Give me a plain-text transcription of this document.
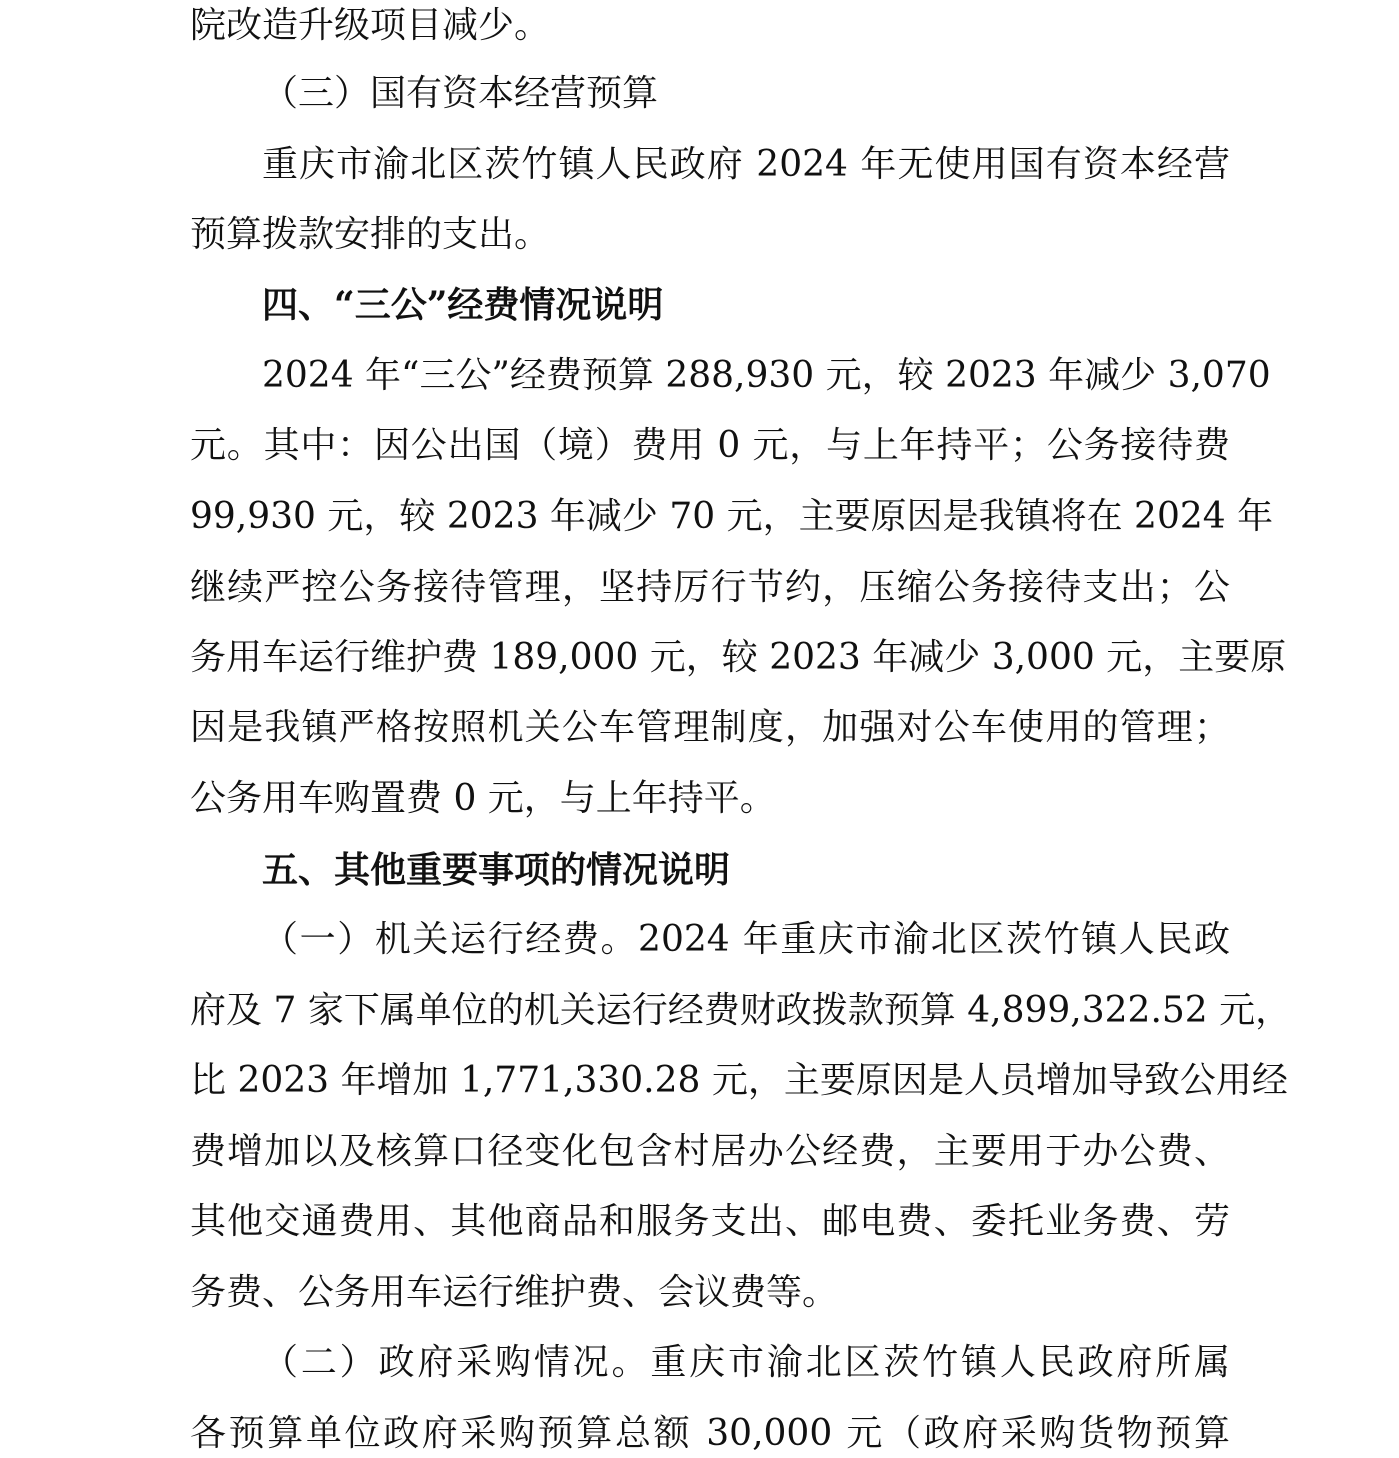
院改造升级项目减少。
（三）国有资本经营预算
重庆市渝北区茨竹镇人民政府 2024 年无使用国有资本经营
预算拨款安排的支出。
四、“三公”经费情况说明
2024 年“三公”经费预算 288,930 元，较 2023 年减少 3,070
元。其中：因公出国（境）费用 0 元，与上年持平；公务接待费
99,930 元，较 2023 年减少 70 元，主要原因是我镇将在 2024 年
继续严控公务接待管理，坚持厉行节约，压缩公务接待支出；公
务用车运行维护费 189,000 元，较 2023 年减少 3,000 元，主要原
因是我镇严格按照机关公车管理制度，加强对公车使用的管理；
公务用车购置费 0 元，与上年持平。
五、其他重要事项的情况说明
（一）机关运行经费。2024 年重庆市渝北区茨竹镇人民政
府及 7 家下属单位的机关运行经费财政拨款预算 4,899,322.52 元，
比 2023 年增加 1,771,330.28 元，主要原因是人员增加导致公用经
费增加以及核算口径变化包含村居办公经费，主要用于办公费、
其他交通费用、其他商品和服务支出、邮电费、委托业务费、劳
务费、公务用车运行维护费、会议费等。
（二）政府采购情况。重庆市渝北区茨竹镇人民政府所属
各预算单位政府采购预算总额 30,000 元（政府采购货物预算
